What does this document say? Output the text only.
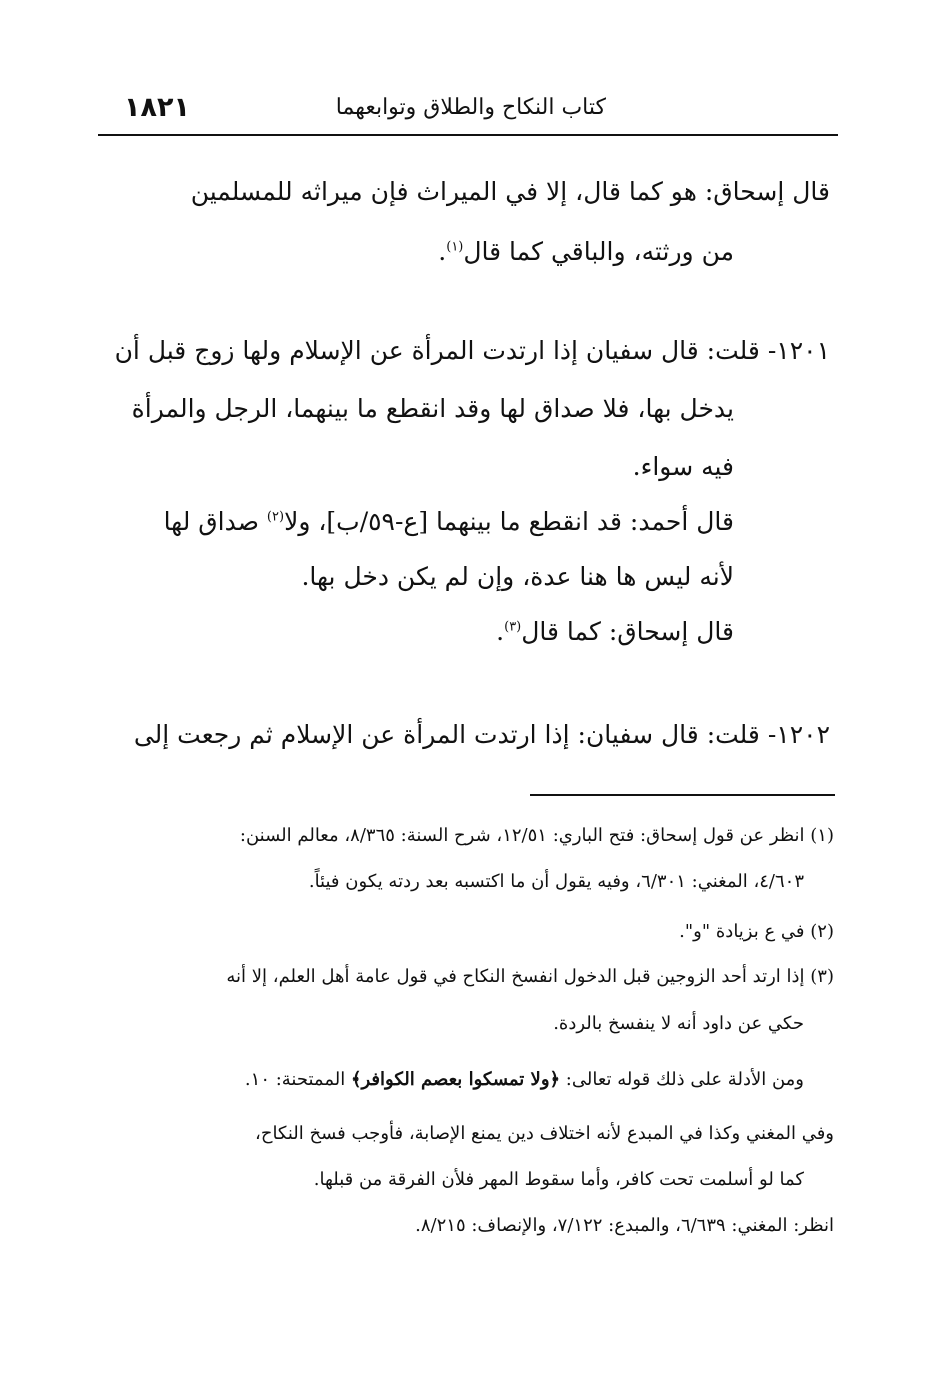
١٨٢١	كتاب النكاح والطلاق وتوابعهما
قال إسحاق: هو كما قال، إلا في الميراث فإن ميراثه للمسلمين
من ورثته، والباقي كما قال$^{(١)}$.
١٢٠١- قلت: قال سفيان إذا ارتدت المرأة عن الإسلام ولها زوج قبل أن
يدخل بها، فلا صداق لها وقد انقطع ما بينهما، الرجل والمرأة
فيه سواء.
قال أحمد: قد انقطع ما بينهما [ع-٥٩/ب]، ولا$^{(٢)}$ صداق لها
لأنه ليس ها هنا عدة، وإن لم يكن دخل بها.
قال إسحاق: كما قال$^{(٣)}$.
١٢٠٢- قلت: قال سفيان: إذا ارتدت المرأة عن الإسلام ثم رجعت إلى
(١) انظر عن قول إسحاق: فتح الباري: ١٢/٥١، شرح السنة: ٨/٣٦٥، معالم السنن:
٤/٦٠٣، المغني: ٦/٣٠١، وفيه يقول أن ما اكتسبه بعد ردته يكون فيئاً.
(٢) في ع بزيادة "و".
(٣) إذا ارتد أحد الزوجين قبل الدخول انفسخ النكاح في قول عامة أهل العلم، إلا أنه
حكي عن داود أنه لا ينفسخ بالردة.
ومن الأدلة على ذلك قوله تعالى: ﴿ولا تمسكوا بعصم الكوافر﴾ الممتحنة: ١٠.
وفي المغني وكذا في المبدع لأنه اختلاف دين يمنع الإصابة، فأوجب فسخ النكاح،
كما لو أسلمت تحت كافر، وأما سقوط المهر فلأن الفرقة من قبلها.
انظر: المغني: ٦/٦٣٩، والمبدع: ٧/١٢٢، والإنصاف: ٨/٢١٥.
